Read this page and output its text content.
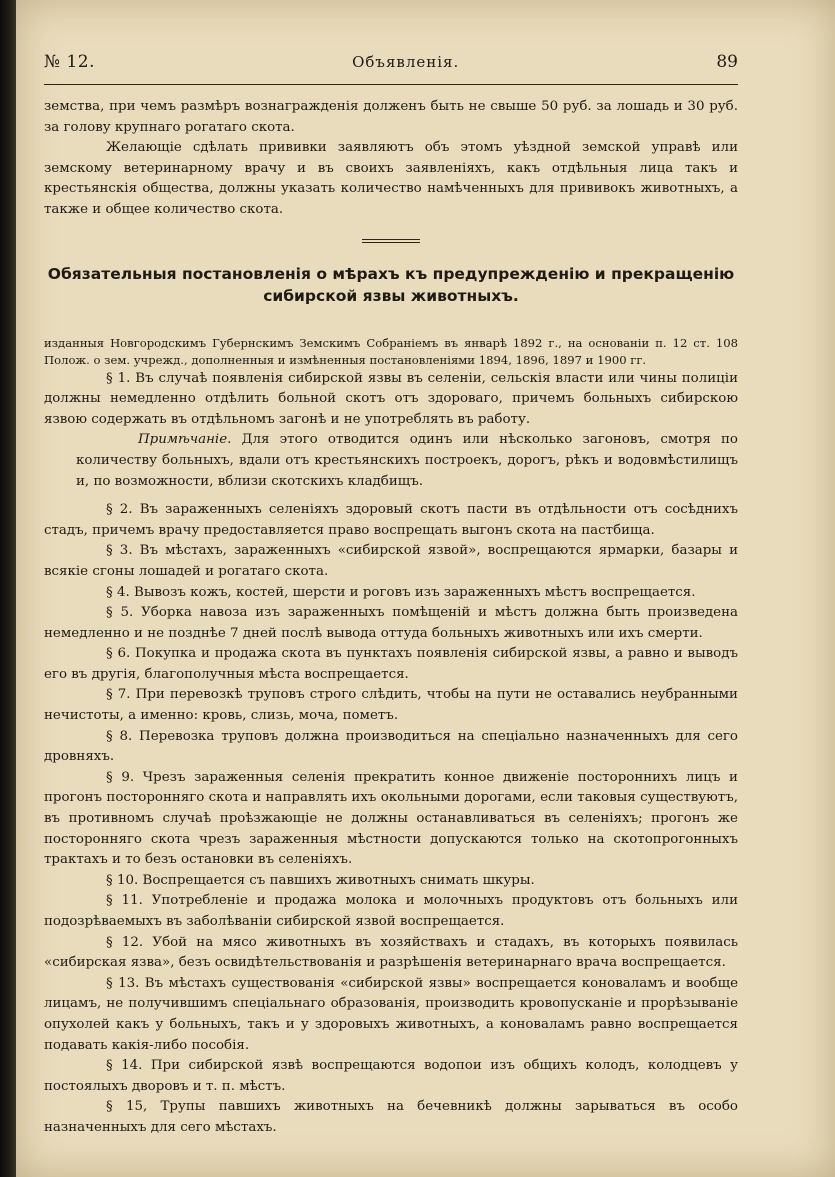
№ 12.	Объявленія.	89

земства, при чемъ размѣръ вознагражденія долженъ быть не свыше 50 руб. за лошадь и 30 руб. за голову крупнаго рогатаго скота.

Желающіе сдѣлать прививки заявляютъ объ этомъ уѣздной земской управѣ или земскому ветеринарному врачу и въ своихъ заявленіяхъ, какъ отдѣльныя лица такъ и крестьянскія общества, должны указать количество намѣченныхъ для прививокъ животныхъ, а также и общее количество скота.

Обязательныя постановленія о мѣрахъ къ предупрежденію и прекращенію сибирской язвы животныхъ.

изданныя Новгородскимъ Губернскимъ Земскимъ Собраніемъ въ январѣ 1892 г., на основаніи п. 12 ст. 108 Полож. о зем. учрежд., дополненныя и измѣненныя постановленіями 1894, 1896, 1897 и 1900 гг.

§ 1. Въ случаѣ появленія сибирской язвы въ селеніи, сельскія власти или чины полиціи должны немедленно отдѣлить больной скотъ отъ здороваго, причемъ больныхъ сибирскою язвою содержать въ отдѣльномъ загонѣ и не употреблять въ работу.

Примѣчаніе. Для этого отводится одинъ или нѣсколько загоновъ, смотря по количеству больныхъ, вдали отъ крестьянскихъ построекъ, дорогъ, рѣкъ и водовмѣстилищъ и, по возможности, вблизи скотскихъ кладбищъ.

§ 2. Въ зараженныхъ селеніяхъ здоровый скотъ пасти въ отдѣльности отъ сосѣднихъ стадъ, причемъ врачу предоставляется право воспрещать выгонъ скота на пастбища.

§ 3. Въ мѣстахъ, зараженныхъ «сибирской язвой», воспрещаются ярмарки, базары и всякіе сгоны лошадей и рогатаго скота.

§ 4. Вывозъ кожъ, костей, шерсти и роговъ изъ зараженныхъ мѣстъ воспрещается.

§ 5. Уборка навоза изъ зараженныхъ помѣщеній и мѣстъ должна быть произведена немедленно и не позднѣе 7 дней послѣ вывода оттуда больныхъ животныхъ или ихъ смерти.

§ 6. Покупка и продажа скота въ пунктахъ появленія сибирской язвы, а равно и выводъ его въ другія, благополучныя мѣста воспрещается.

§ 7. При перевозкѣ труповъ строго слѣдить, чтобы на пути не оставались неубранными нечистоты, а именно: кровь, слизь, моча, пометъ.

§ 8. Перевозка труповъ должна производиться на спеціально назначенныхъ для сего дровняхъ.

§ 9. Чрезъ зараженныя селенія прекратить конное движеніе постороннихъ лицъ и прогонъ посторонняго скота и направлять ихъ окольными дорогами, если таковыя существуютъ, въ противномъ случаѣ проѣзжающіе не должны останавливаться въ селеніяхъ; прогонъ же посторонняго скота чрезъ зараженныя мѣстности допускаются только на скотопрогонныхъ трактахъ и то безъ остановки въ селеніяхъ.

§ 10. Воспрещается съ павшихъ животныхъ снимать шкуры.

§ 11. Употребленіе и продажа молока и молочныхъ продуктовъ отъ больныхъ или подозрѣваемыхъ въ заболѣваніи сибирской язвой воспрещается.

§ 12. Убой на мясо животныхъ въ хозяйствахъ и стадахъ, въ которыхъ появилась «сибирская язва», безъ освидѣтельствованія и разрѣшенія ветеринарнаго врача воспрещается.

§ 13. Въ мѣстахъ существованія «сибирской язвы» воспрещается коноваламъ и вообще лицамъ, не получившимъ спеціальнаго образованія, производить кровопусканіе и прорѣзываніе опухолей какъ у больныхъ, такъ и у здоровыхъ животныхъ, а коноваламъ равно воспрещается подавать какія-либо пособія.

§ 14. При сибирской язвѣ воспрещаются водопои изъ общихъ колодъ, колодцевъ у постоялыхъ дворовъ и т. п. мѣстъ.

§ 15, Трупы павшихъ животныхъ на бечевникѣ должны зарываться въ особо назначенныхъ для сего мѣстахъ.
